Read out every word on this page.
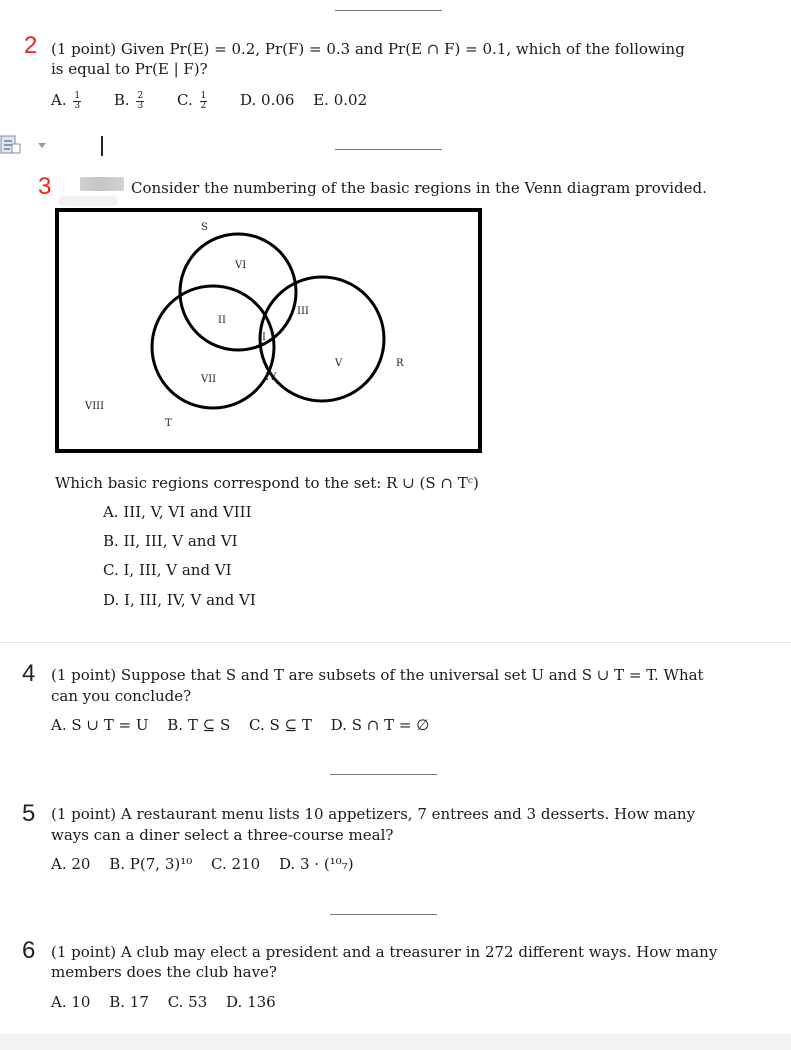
2 (1 point) Given Pr(E) = 0.2, Pr(F) = 0.3 and Pr(E ∩ F) = 0.1, which of the following
is equal to Pr(E | F)?
A. $\frac{1}{3} B$. $\frac{2}{3} C$. $\frac{1}{2} D$. 0.06 E. 0.02
3	Consider the numbering of the basic regions in the Venn diagram provided.
S
T
R
I
II
III
IV
V
VI
VII
VIII
Which basic regions correspond to the set: R ∪ (S ∩ Tᶜ)
A. III, V, VI and VIII
B. II, III, V and VI
C. I, III, V and VI
D. I, III, IV, V and VI
4 (1 point) Suppose that S and T are subsets of the universal set U and S ∪ T = T. What
can you conclude?
A. S ∪ T = U B. T ⊆ S C. S ⊆ T D. S ∩ T = ∅
5 (1 point) A restaurant menu lists 10 appetizers, 7 entrees and 3 desserts. How many
ways can a diner select a three-course meal?
A. 20 B. P(7, 3)¹⁰ C. 210 D. 3 · (¹⁰₇)
6 (1 point) A club may elect a president and a treasurer in 272 different ways. How many
members does the club have?
A. 10 B. 17 C. 53 D. 136
